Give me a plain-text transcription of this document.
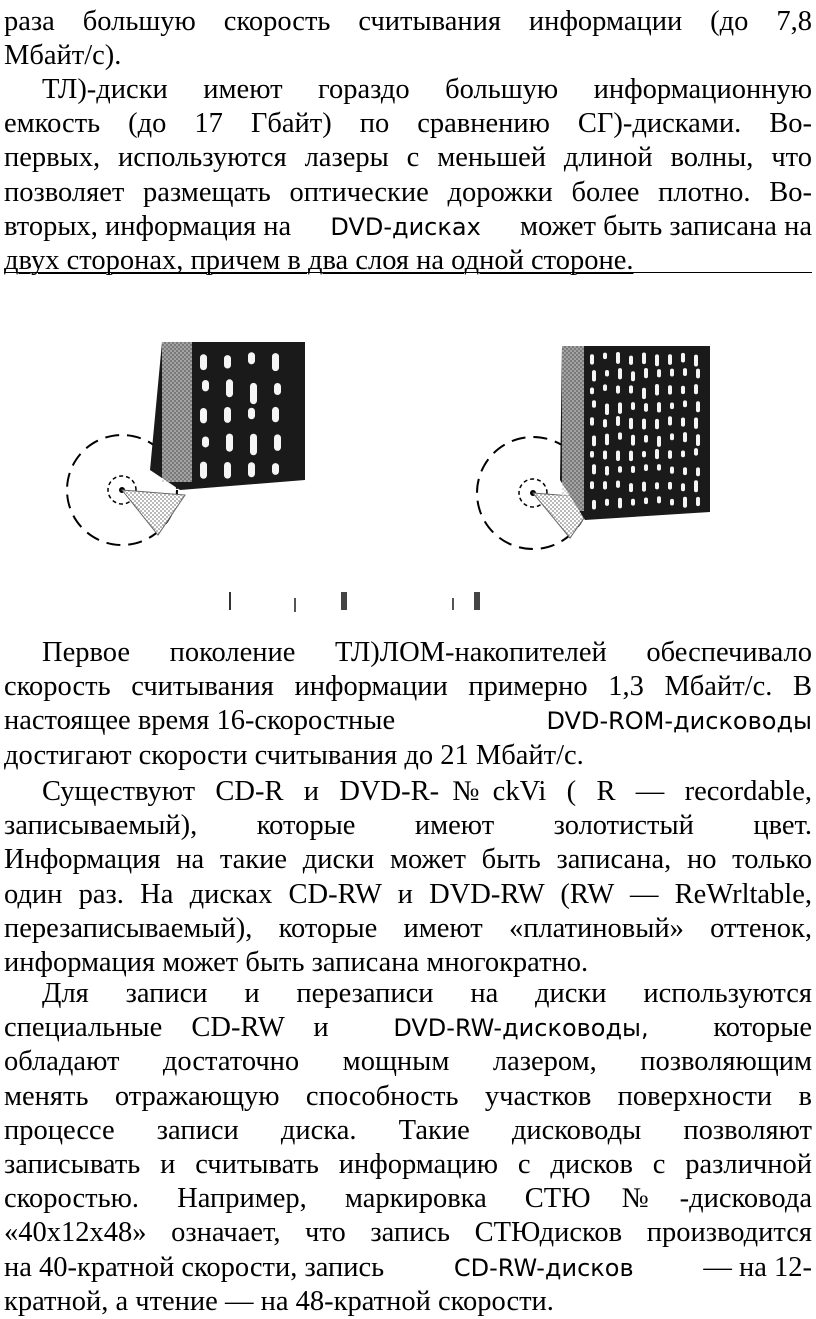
раза большую скорость считывания информации (до 7,8
Мбайт/с).
ТЛ)-диски имеют гораздо большую информационную
емкость (до 17 Гбайт) по сравнению СГ)-дисками. Во-
первых, используются лазеры с меньшей длиной волны, что
позволяет размещать оптические дорожки более плотно. Во-
вторых, информация на DVD-дисках может быть записана на
двух сторонах, причем в два слоя на одной стороне.
Первое поколение ТЛ)ЛОМ-накопителей обеспечивало
скорость считывания информации примерно 1,3 Мбайт/с. В
настоящее время 16-скоростные	DVD-ROM-дисководы
достигают скорости считывания до 21 Мбайт/с.
Существуют CD-R и DVD-R-№ckVi ( R — recordable,
записываемый), которые имеют золотистый цвет.
Информация на такие диски может быть записана, но только
один раз. На дисках CD-RW и DVD-RW (RW — ReWrltable,
перезаписываемый), которые имеют «платиновый» оттенок,
информация может быть записана многократно.
Для записи и перезаписи на диски используются
специальные CD-RW и	DVD-RW-дисководы, которые
обладают достаточно мощным лазером, позволяющим
менять отражающую способность участков поверхности в
процессе записи диска. Такие дисководы позволяют
записывать и считывать информацию с дисков с различной
скоростью. Например, маркировка СТЮ№-дисковода
«40х12х48» означает, что запись СТЮдисков производится
на 40-кратной скорости, запись	CD-RW-дисков — на 12-
кратной, а чтение — на 48-кратной скорости.
